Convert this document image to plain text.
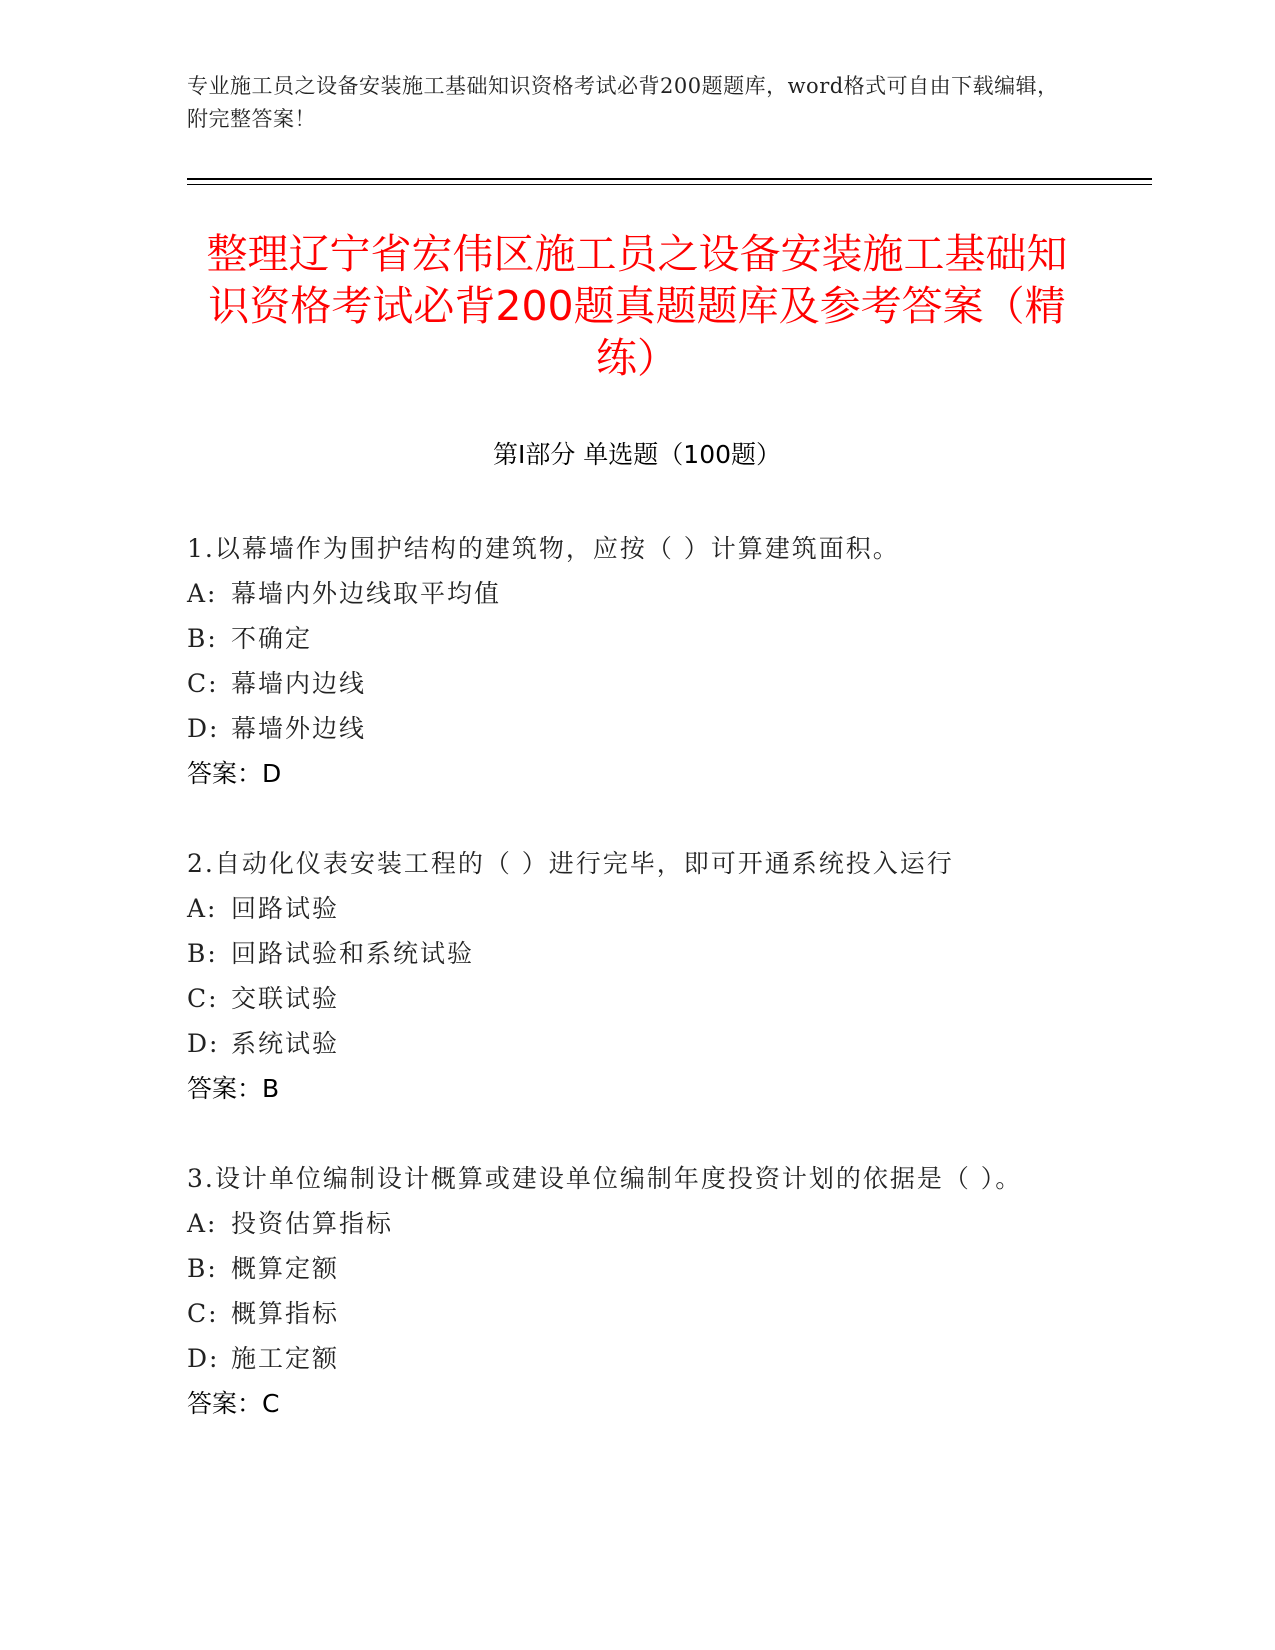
专业施工员之设备安装施工基础知识资格考试必背200题题库，word格式可自由下载编辑，附完整答案！
整理辽宁省宏伟区施工员之设备安装施工基础知识资格考试必背200题真题题库及参考答案（精练）
第Ⅰ部分 单选题（100题）
1.以幕墙作为围护结构的建筑物，应按（ ）计算建筑面积。
A: 幕墙内外边线取平均值
B: 不确定
C: 幕墙内边线
D: 幕墙外边线
答案：D
2.自动化仪表安装工程的（ ）进行完毕，即可开通系统投入运行
A: 回路试验
B: 回路试验和系统试验
C: 交联试验
D: 系统试验
答案：B
3.设计单位编制设计概算或建设单位编制年度投资计划的依据是（ ）。
A: 投资估算指标
B: 概算定额
C: 概算指标
D: 施工定额
答案：C
